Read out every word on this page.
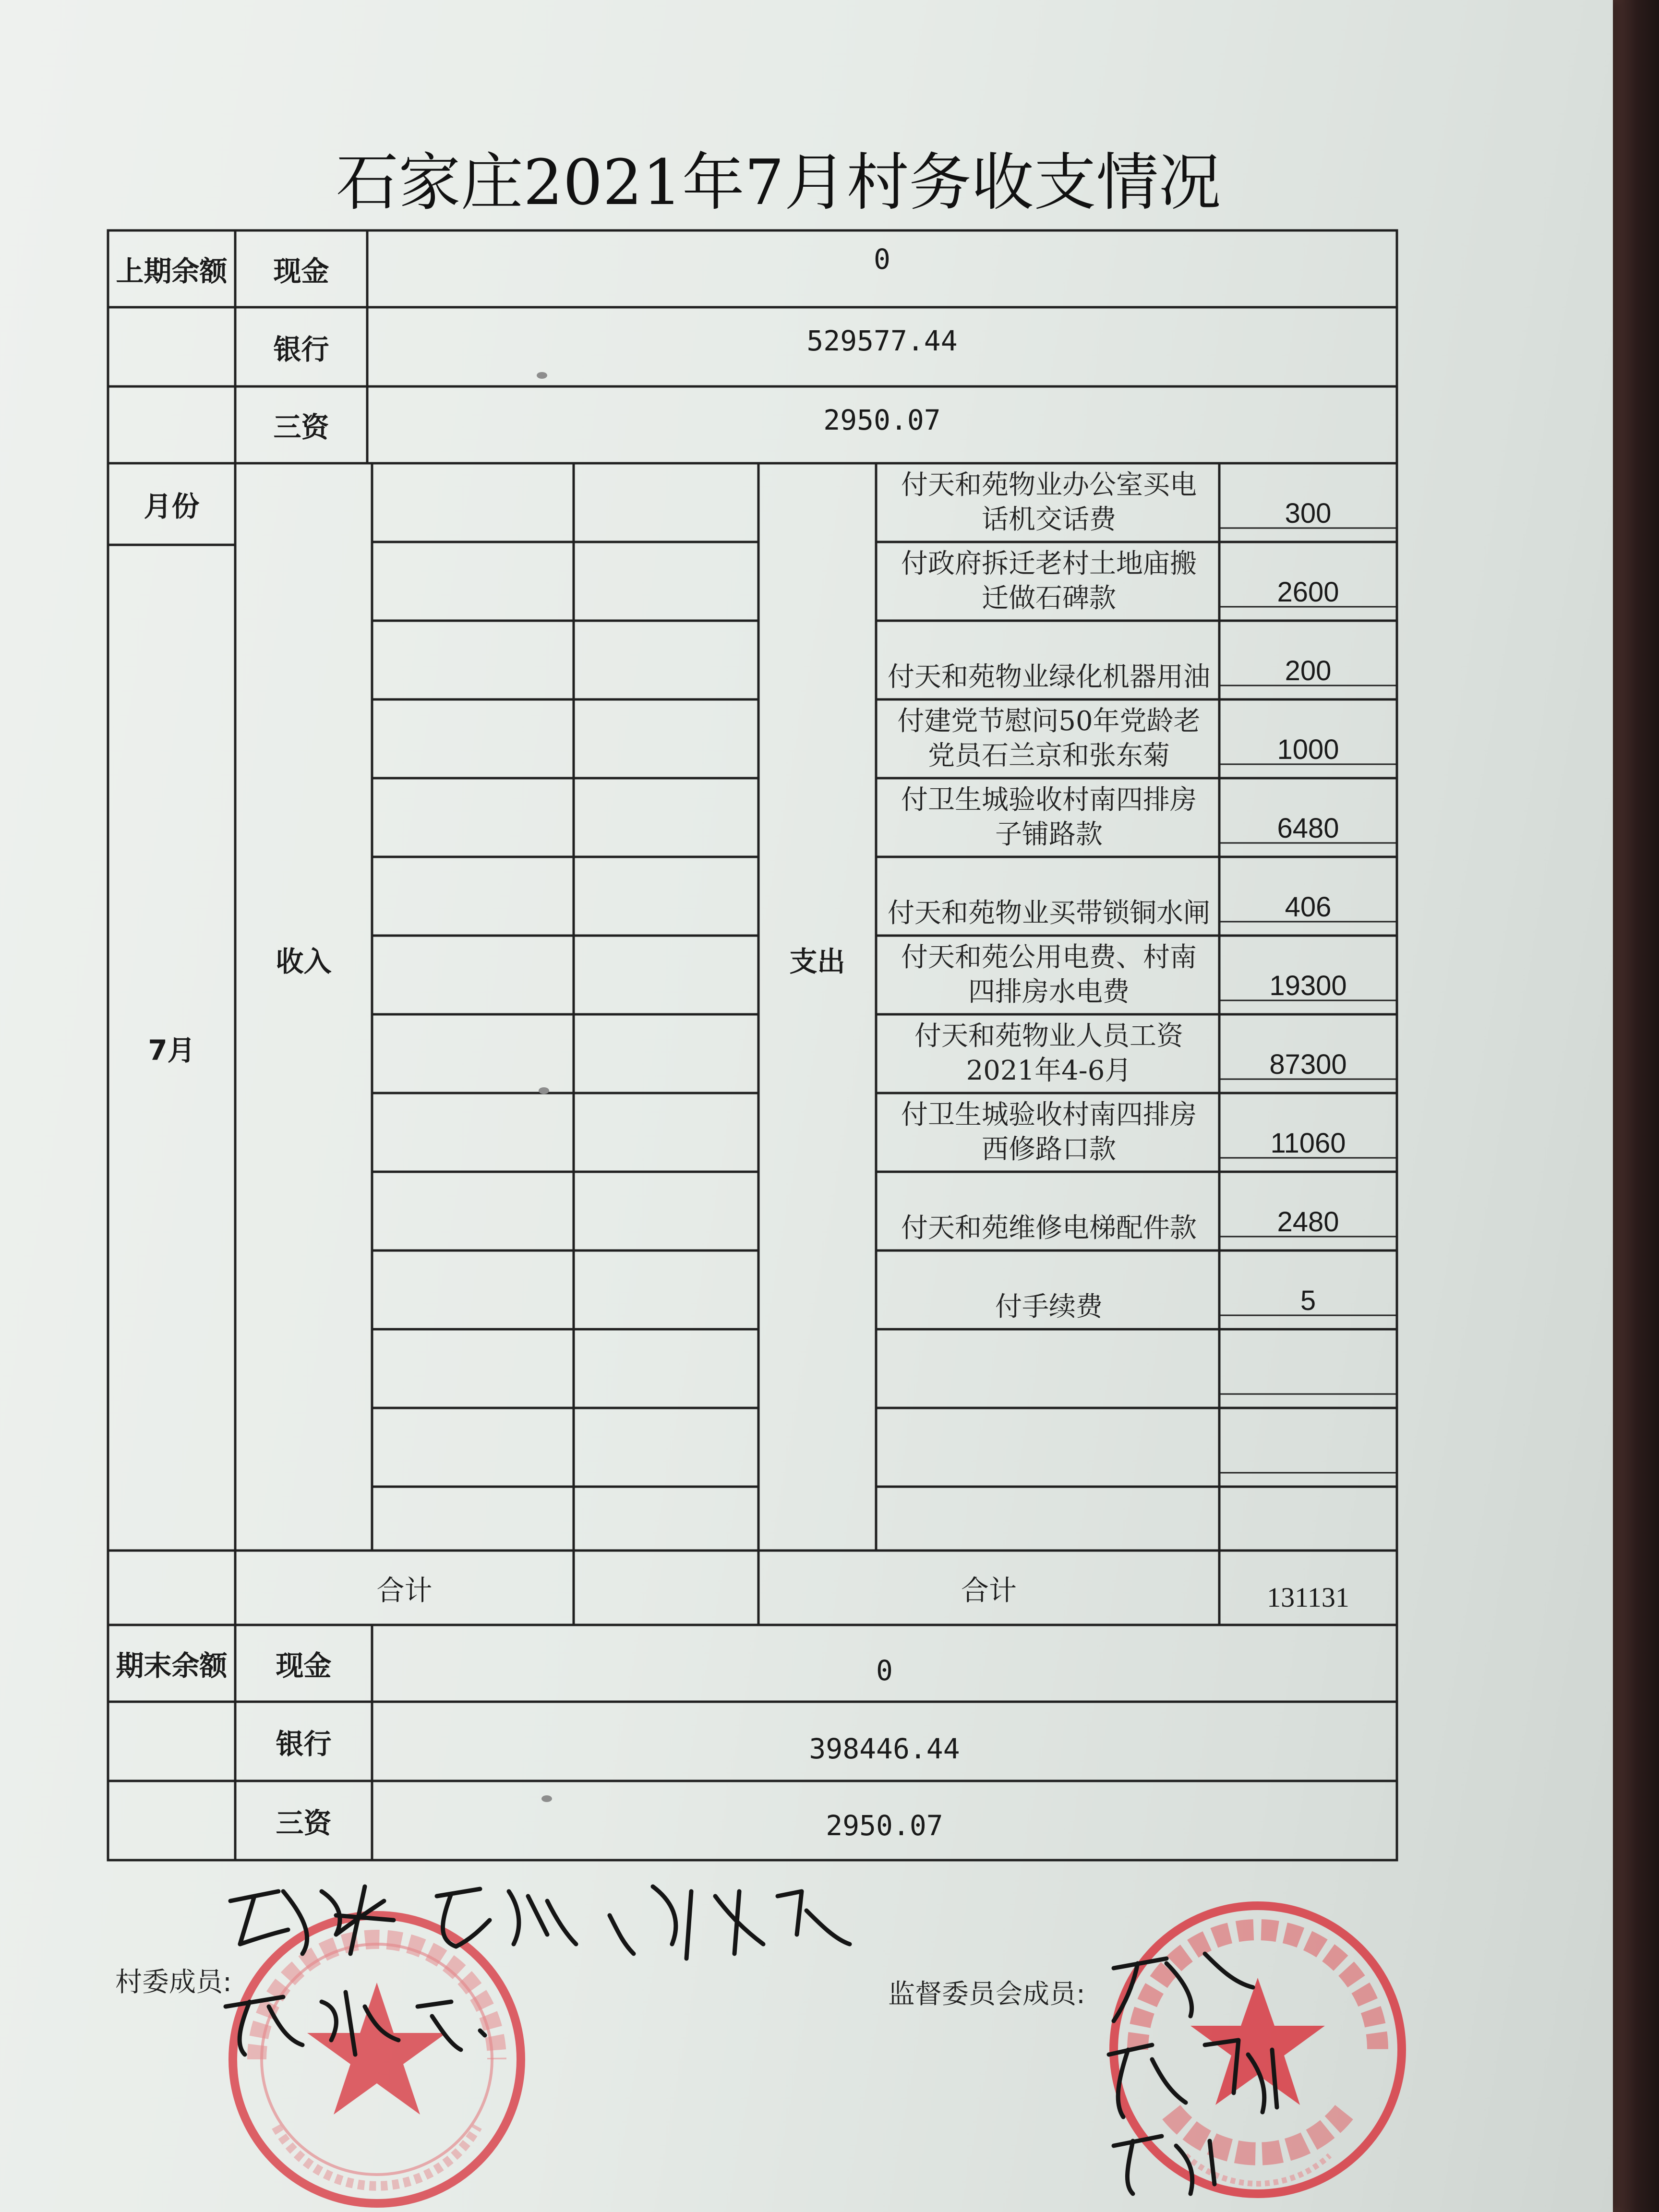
石家庄2021年7月村务收支情况
上期余额	现金	0
银行	529577.44
三资	2950.07
月份
7月
收入	支出
付天和苑物业办公室买电
话机交话费	300
付政府拆迁老村土地庙搬
迁做石碑款	2600
付天和苑物业绿化机器用油	200
付建党节慰问50年党龄老
党员石兰京和张东菊	1000
付卫生城验收村南四排房
子铺路款	6480
付天和苑物业买带锁铜水闸	406
付天和苑公用电费、村南
四排房水电费	19300
付天和苑物业人员工资
2021年4-6月	87300
付卫生城验收村南四排房
西修路口款	11060
付天和苑维修电梯配件款	2480
付手续费	5
合计	合计	131131
期末余额	现金	0
银行	398446.44
三资	2950.07
村委成员:	监督委员会成员:
